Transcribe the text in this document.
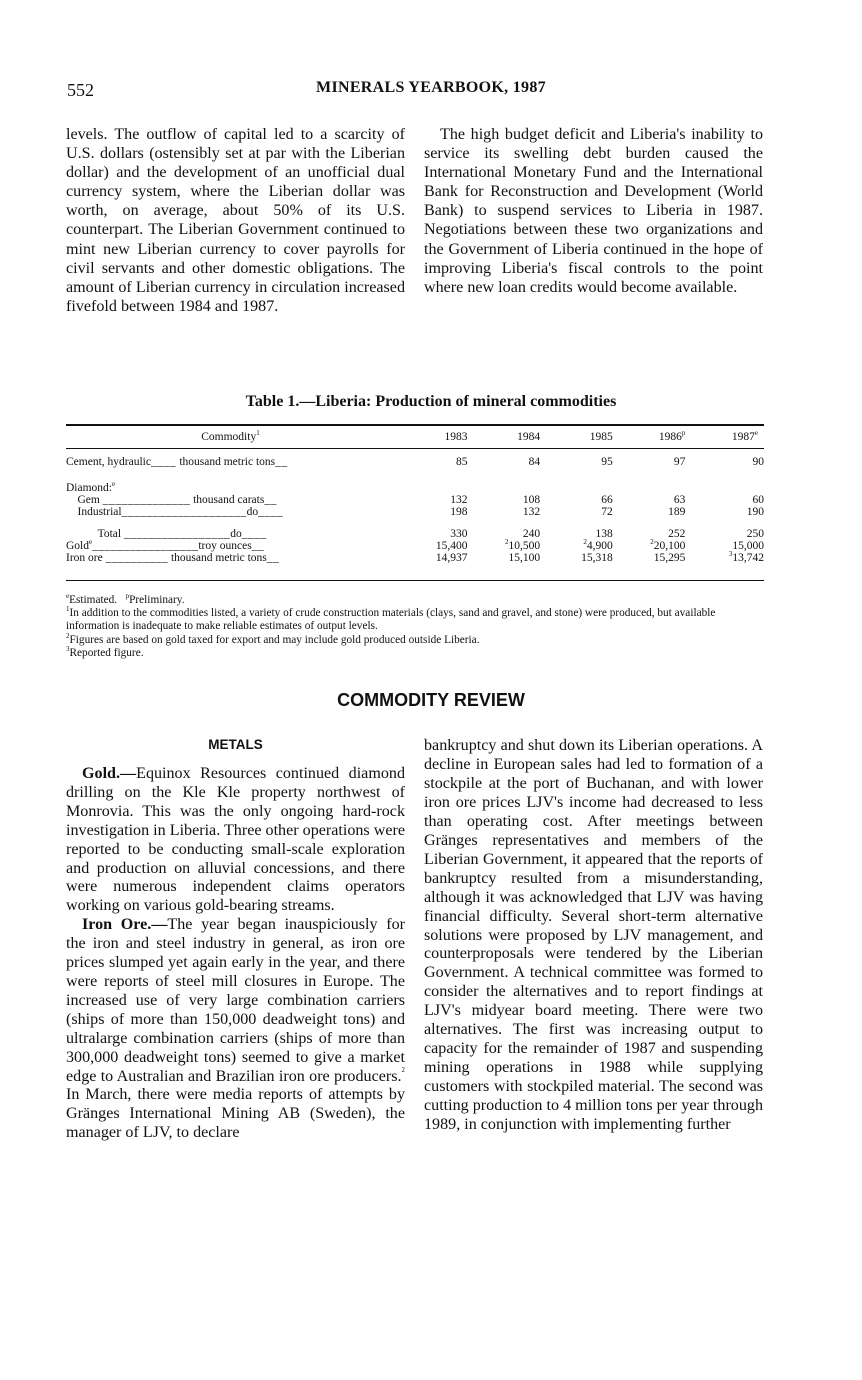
552	MINERALS YEARBOOK, 1987

levels. The outflow of capital led to a scarcity of U.S. dollars (ostensibly set at par with the Liberian dollar) and the development of an unofficial dual currency system, where the Liberian dollar was worth, on average, about 50% of its U.S. counterpart. The Liberian Government continued to mint new Liberian currency to cover payrolls for civil servants and other domestic obligations. The amount of Liberian currency in circulation increased fivefold between 1984 and 1987.

The high budget deficit and Liberia's inability to service its swelling debt burden caused the International Monetary Fund and the International Bank for Reconstruction and Development (World Bank) to suspend services to Liberia in 1987. Negotiations between these two organizations and the Government of Liberia continued in the hope of improving Liberia's fiscal controls to the point where new loan credits would become available.

Table 1.—Liberia: Production of mineral commodities
Commodity$^1$	1983	1984	1985	1986$^p$	1987e

Cement, hydraulic____ thousand metric tons__	85	84	95	97	90

Diamond:$^e$	
Gem ______________ thousand carats__	132	108	66	63	60
Industrial____________________do____	198	132	72	189	190

Total _________________do____	330	240	138	252	250
Gold$^e$_________________troy ounces__	15,400	$^2$10,500	$^2$4,900	$^2$20,100	15,000
Iron ore __________ thousand metric tons__	14,937	15,100	15,318	15,295	$^3$13,742

$^e$Estimated. $^p$Preliminary.

$^1$In addition to the commodities listed, a variety of crude construction materials (clays, sand and gravel, and stone) were produced, but available information is inadequate to make reliable estimates of output levels.

$^2$Figures are based on gold taxed for export and may include gold produced outside Liberia.

$^3$Reported figure.

COMMODITY REVIEW
METALS

Gold.—Equinox Resources continued diamond drilling on the Kle Kle property northwest of Monrovia. This was the only ongoing hard-rock investigation in Liberia. Three other operations were reported to be conducting small-scale exploration and production on alluvial concessions, and there were numerous independent claims operators working on various gold-bearing streams.

Iron Ore.—The year began inauspiciously for the iron and steel industry in general, as iron ore prices slumped yet again early in the year, and there were reports of steel mill closures in Europe. The increased use of very large combination carriers (ships of more than 150,000 deadweight tons) and ultralarge combination carriers (ships of more than 300,000 deadweight tons) seemed to give a market edge to Australian and Brazilian iron ore producers.$^2$ In March, there were media reports of attempts by Gränges International Mining AB (Sweden), the manager of LJV, to declare

bankruptcy and shut down its Liberian operations. A decline in European sales had led to formation of a stockpile at the port of Buchanan, and with lower iron ore prices LJV's income had decreased to less than operating cost. After meetings between Gränges representatives and members of the Liberian Government, it appeared that the reports of bankruptcy resulted from a misunderstanding, although it was acknowledged that LJV was having financial difficulty. Several short-term alternative solutions were proposed by LJV management, and counterproposals were tendered by the Liberian Government. A technical committee was formed to consider the alternatives and to report findings at LJV's midyear board meeting. There were two alternatives. The first was increasing output to capacity for the remainder of 1987 and suspending mining operations in 1988 while supplying customers with stockpiled material. The second was cutting production to 4 million tons per year through 1989, in conjunction with implementing further
